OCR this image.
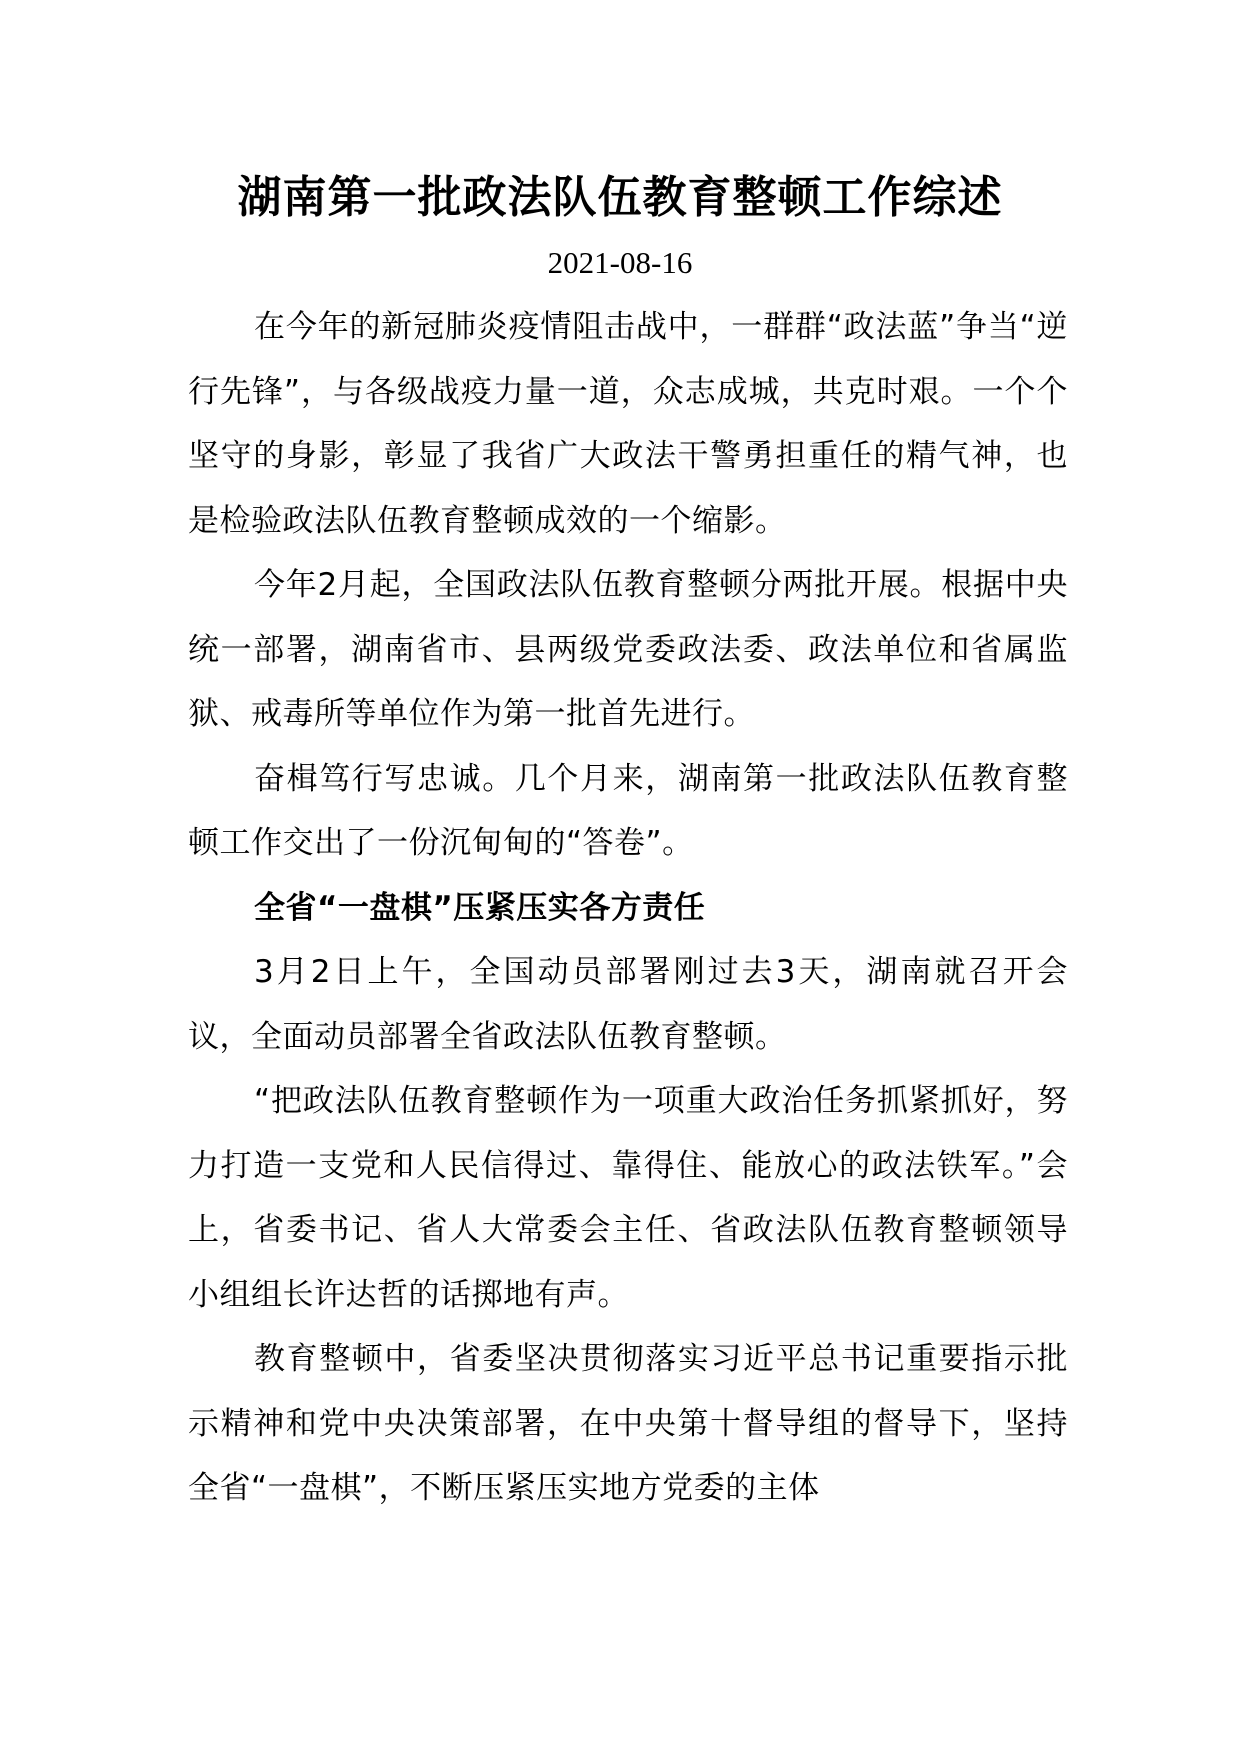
湖南第一批政法队伍教育整顿工作综述
2021-08-16

在今年的新冠肺炎疫情阻击战中，一群群“政法蓝”争当“逆行先锋”，与各级战疫力量一道，众志成城，共克时艰。一个个坚守的身影，彰显了我省广大政法干警勇担重任的精气神，也是检验政法队伍教育整顿成效的一个缩影。

今年2月起，全国政法队伍教育整顿分两批开展。根据中央统一部署，湖南省市、县两级党委政法委、政法单位和省属监狱、戒毒所等单位作为第一批首先进行。

奋楫笃行写忠诚。几个月来，湖南第一批政法队伍教育整顿工作交出了一份沉甸甸的“答卷”。

全省“一盘棋”压紧压实各方责任

3月2日上午，全国动员部署刚过去3天，湖南就召开会议，全面动员部署全省政法队伍教育整顿。

“把政法队伍教育整顿作为一项重大政治任务抓紧抓好，努力打造一支党和人民信得过、靠得住、能放心的政法铁军。”会上，省委书记、省人大常委会主任、省政法队伍教育整顿领导小组组长许达哲的话掷地有声。

教育整顿中，省委坚决贯彻落实习近平总书记重要指示批示精神和党中央决策部署，在中央第十督导组的督导下，坚持全省“一盘棋”，不断压紧压实地方党委的主体
